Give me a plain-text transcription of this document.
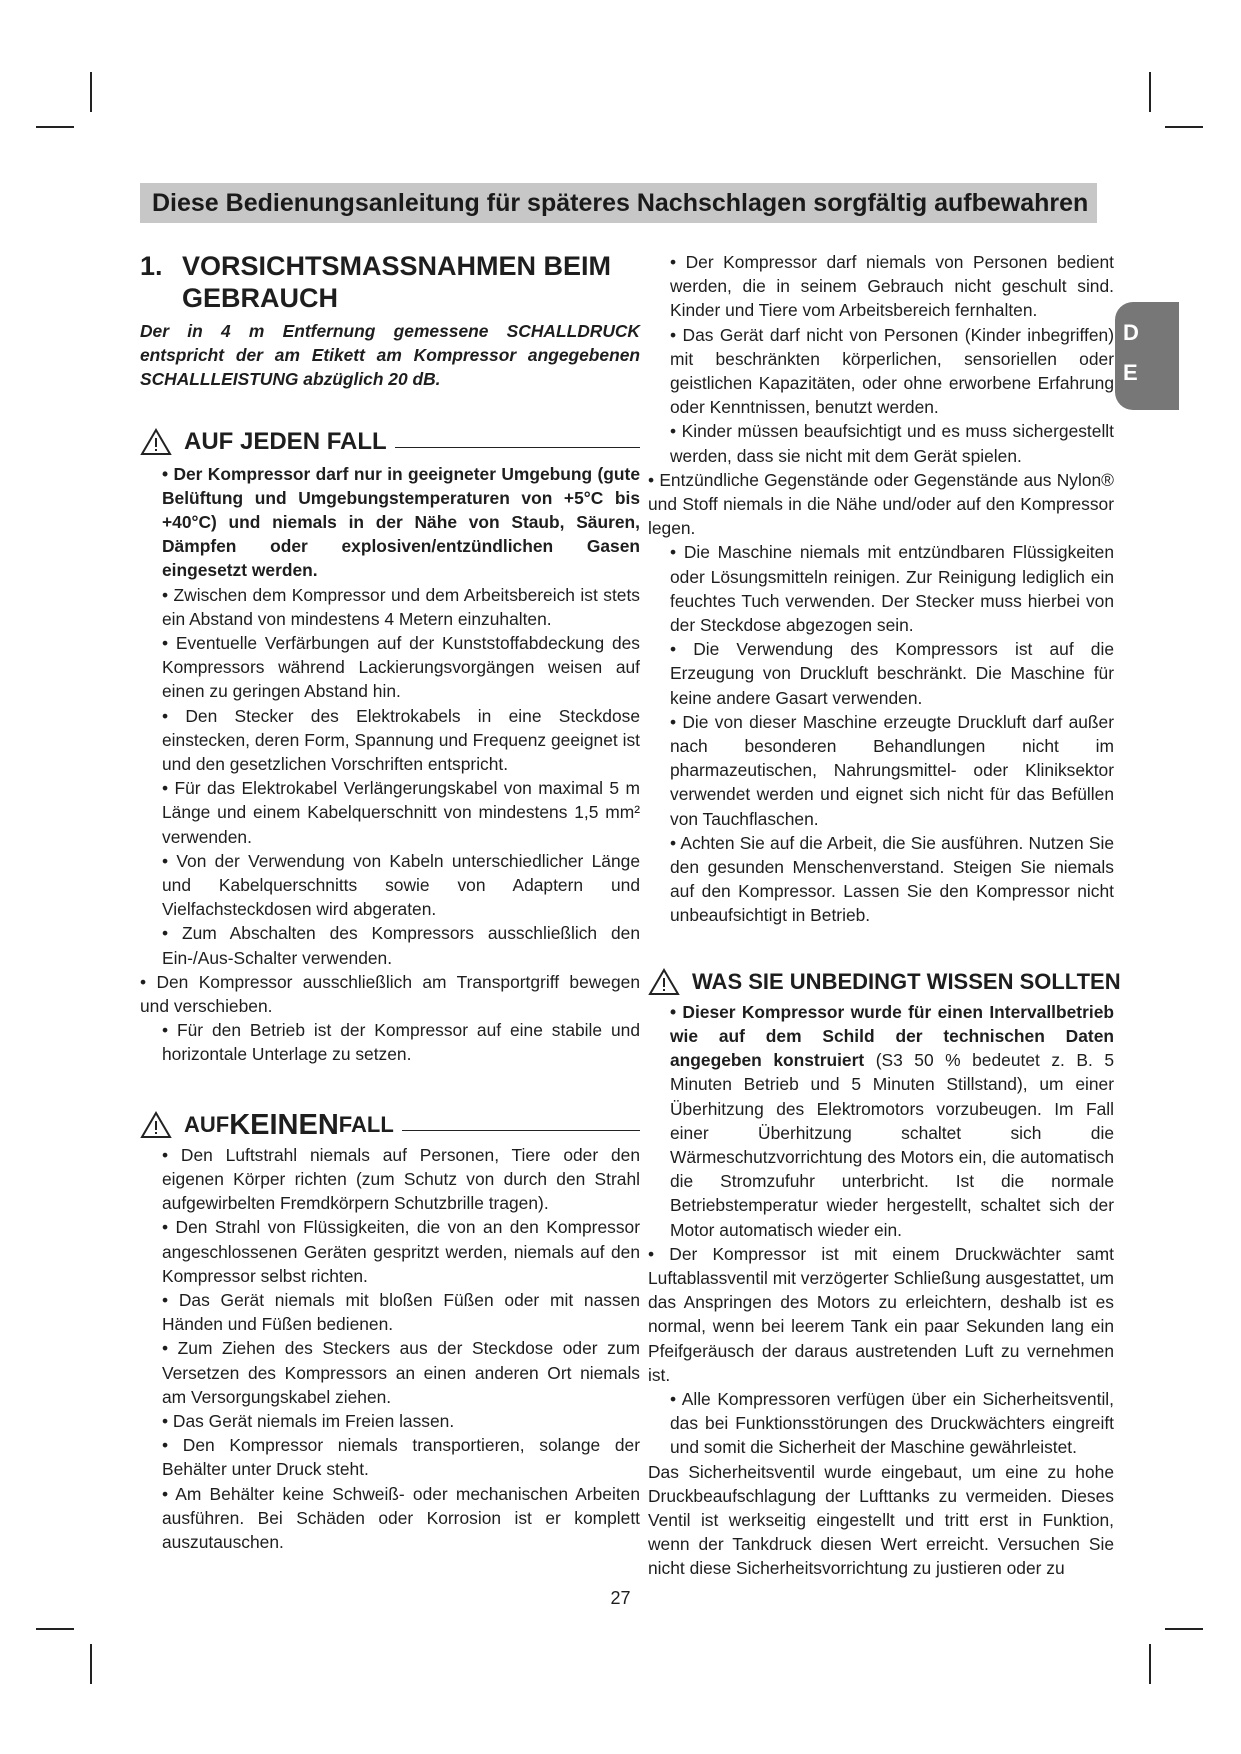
Diese Bedienungsanleitung für späteres Nachschlagen sorgfältig aufbewahren
1. VORSICHTSMASSNAHMEN BEIM
GEBRAUCH
Der in 4 m Entfernung gemessene SCHALLDRUCK entspricht der am Etikett am Kompressor angegebenen SCHALLLEISTUNG abzüglich 20 dB.
AUF JEDEN FALL
• Der Kompressor darf nur in geeigneter Umgebung (gute Belüftung und Umgebungstemperaturen von +5°C bis +40°C) und niemals in der Nähe von Staub, Säuren, Dämpfen oder explosiven/entzündlichen Gasen eingesetzt werden.
• Zwischen dem Kompressor und dem Arbeitsbereich ist stets ein Abstand von mindestens 4 Metern einzuhalten.
• Eventuelle Verfärbungen auf der Kunststoffabdeckung des Kompressors während Lackierungsvorgängen weisen auf einen zu geringen Abstand hin.
• Den Stecker des Elektrokabels in eine Steckdose einstecken, deren Form, Spannung und Frequenz geeignet ist und den gesetzlichen Vorschriften entspricht.
• Für das Elektrokabel Verlängerungskabel von maximal 5 m Länge und einem Kabelquerschnitt von mindestens 1,5 mm² verwenden.
• Von der Verwendung von Kabeln unterschiedlicher Länge und Kabelquerschnitts sowie von Adaptern und Vielfachsteckdosen wird abgeraten.
• Zum Abschalten des Kompressors ausschließlich den Ein-/Aus-Schalter verwenden.
• Den Kompressor ausschließlich am Transportgriff bewegen und verschieben.
• Für den Betrieb ist der Kompressor auf eine stabile und horizontale Unterlage zu setzen.
AUF KEINEN FALL
• Den Luftstrahl niemals auf Personen, Tiere oder den eigenen Körper richten (zum Schutz von durch den Strahl aufgewirbelten Fremdkörpern Schutzbrille tragen).
• Den Strahl von Flüssigkeiten, die von an den Kompressor angeschlossenen Geräten gespritzt werden, niemals auf den Kompressor selbst richten.
• Das Gerät niemals mit bloßen Füßen oder mit nassen Händen und Füßen bedienen.
• Zum Ziehen des Steckers aus der Steckdose oder zum Versetzen des Kompressors an einen anderen Ort niemals am Versorgungskabel ziehen.
• Das Gerät niemals im Freien lassen.
• Den Kompressor niemals transportieren, solange der Behälter unter Druck steht.
• Am Behälter keine Schweiß- oder mechanischen Arbeiten ausführen. Bei Schäden oder Korrosion ist er komplett auszutauschen.
• Der Kompressor darf niemals von Personen bedient werden, die in seinem Gebrauch nicht geschult sind. Kinder und Tiere vom Arbeitsbereich fernhalten.
• Das Gerät darf nicht von Personen (Kinder inbegriffen) mit beschränkten körperlichen, sensoriellen oder geistlichen Kapazitäten, oder ohne erworbene Erfahrung oder Kenntnissen, benutzt werden.
• Kinder müssen beaufsichtigt und es muss sichergestellt werden, dass sie nicht mit dem Gerät spielen.
• Entzündliche Gegenstände oder Gegenstände aus Nylon® und Stoff niemals in die Nähe und/oder auf den Kompressor legen.
• Die Maschine niemals mit entzündbaren Flüssigkeiten oder Lösungsmitteln reinigen. Zur Reinigung lediglich ein feuchtes Tuch verwenden. Der Stecker muss hierbei von der Steckdose abgezogen sein.
• Die Verwendung des Kompressors ist auf die Erzeugung von Druckluft beschränkt. Die Maschine für keine andere Gasart verwenden.
• Die von dieser Maschine erzeugte Druckluft darf außer nach besonderen Behandlungen nicht im pharmazeutischen, Nahrungsmittel- oder Kliniksektor verwendet werden und eignet sich nicht für das Befüllen von Tauchflaschen.
• Achten Sie auf die Arbeit, die Sie ausführen. Nutzen Sie den gesunden Menschenverstand. Steigen Sie niemals auf den Kompressor. Lassen Sie den Kompressor nicht unbeaufsichtigt in Betrieb.
WAS SIE UNBEDINGT WISSEN SOLLTEN
• Dieser Kompressor wurde für einen Intervallbetrieb wie auf dem Schild der technischen Daten angegeben konstruiert (S3 50 % bedeutet z. B. 5 Minuten Betrieb und 5 Minuten Stillstand), um einer Überhitzung des Elektromotors vorzubeugen. Im Fall einer Überhitzung schaltet sich die Wärmeschutzvorrichtung des Motors ein, die automatisch die Stromzufuhr unterbricht. Ist die normale Betriebstemperatur wieder hergestellt, schaltet sich der Motor automatisch wieder ein.
• Der Kompressor ist mit einem Druckwächter samt Luftablassventil mit verzögerter Schließung ausgestattet, um das Anspringen des Motors zu erleichtern, deshalb ist es normal, wenn bei leerem Tank ein paar Sekunden lang ein Pfeifgeräusch der daraus austretenden Luft zu vernehmen ist.
• Alle Kompressoren verfügen über ein Sicherheitsventil, das bei Funktionsstörungen des Druckwächters eingreift und somit die Sicherheit der Maschine gewährleistet.
Das Sicherheitsventil wurde eingebaut, um eine zu hohe Druckbeaufschlagung der Lufttanks zu vermeiden. Dieses Ventil ist werkseitig eingestellt und tritt erst in Funktion, wenn der Tankdruck diesen Wert erreicht. Versuchen Sie nicht diese Sicherheitsvorrichtung zu justieren oder zu
D
E
27
